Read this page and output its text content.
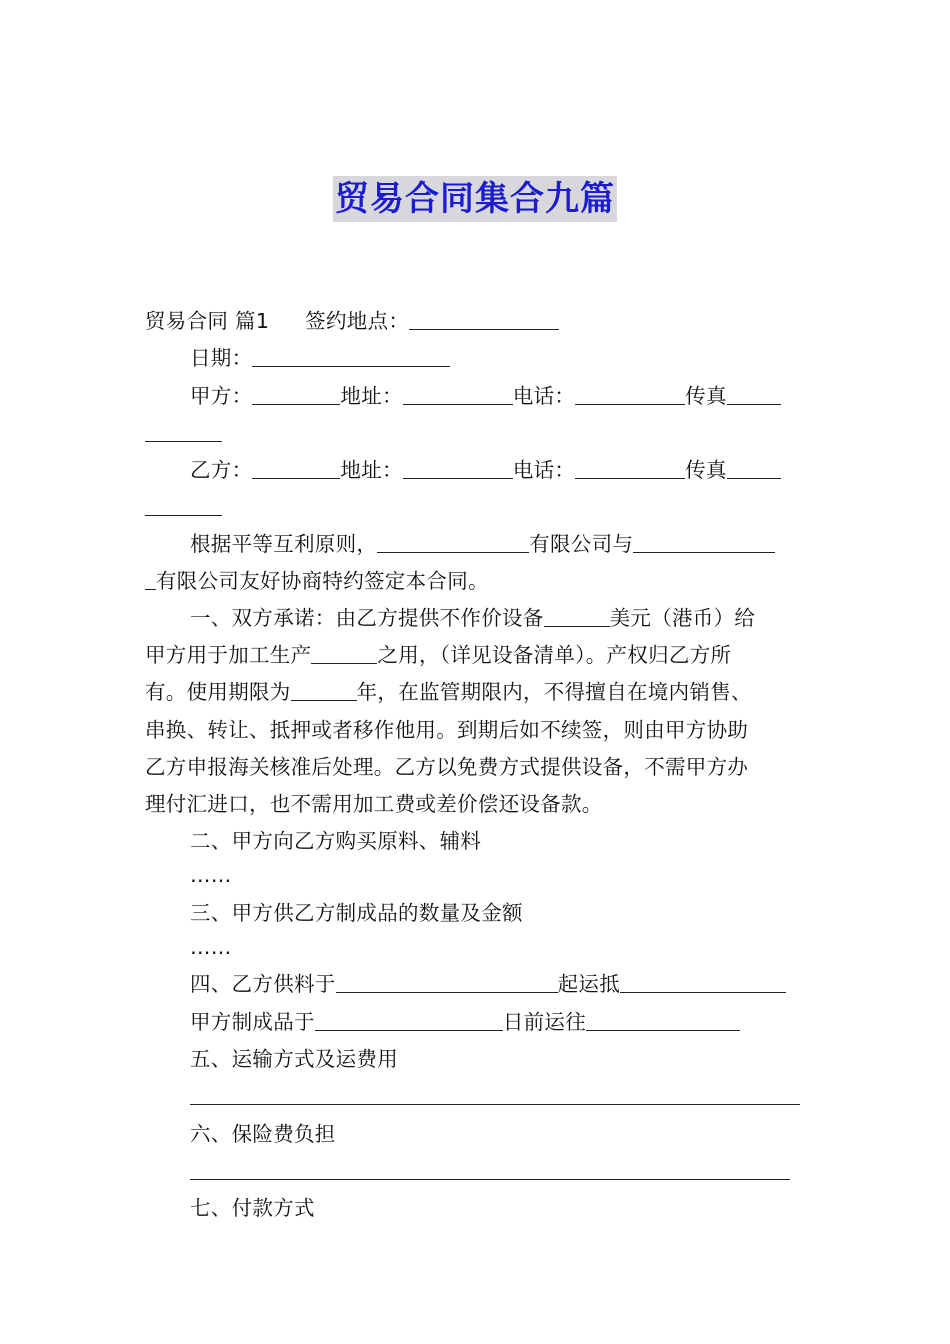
贸易合同集合九篇
贸易合同 篇1 签约地点：
日期：
甲方：	地址：	电话：	传真
乙方：	地址：	电话：	传真
根据平等互利原则，	有限公司与
有限公司友好协商特约签定本合同。
一、双方承诺：由乙方提供不作价设备	美元（港币）给
甲方用于加工生产	之用，（详见设备清单）。产权归乙方所
有。使用期限为	年，在监管期限内，不得擅自在境内销售、
串换、转让、抵押或者移作他用。到期后如不续签，则由甲方协助
乙方申报海关核准后处理。乙方以免费方式提供设备，不需甲方办
理付汇进口，也不需用加工费或差价偿还设备款。
二、甲方向乙方购买原料、辅料
……
三、甲方供乙方制成品的数量及金额
……
四、乙方供料于	起运抵
甲方制成品于	日前运往
五、运输方式及运费用
六、保险费负担
七、付款方式
